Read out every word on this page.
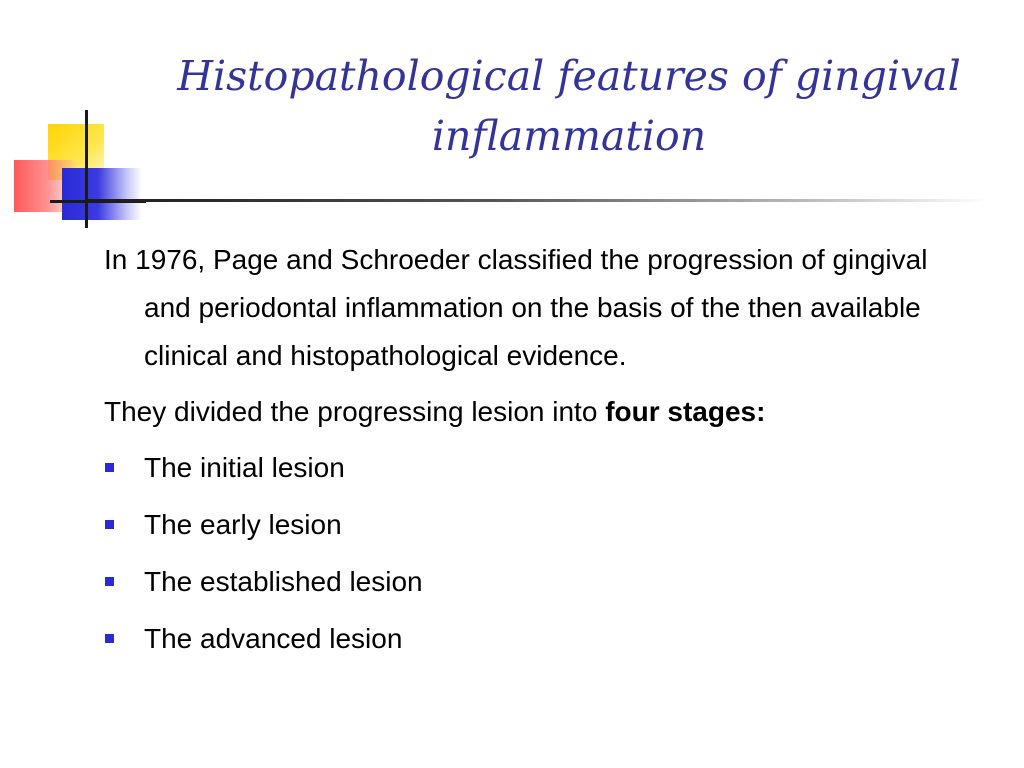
Histopathological features of gingival inflammation

In 1976, Page and Schroeder classified the progression of gingival and periodontal inflammation on the basis of the then available clinical and histopathological evidence.

They divided the progressing lesion into four stages:

The initial lesion
The early lesion
The established lesion
The advanced lesion
